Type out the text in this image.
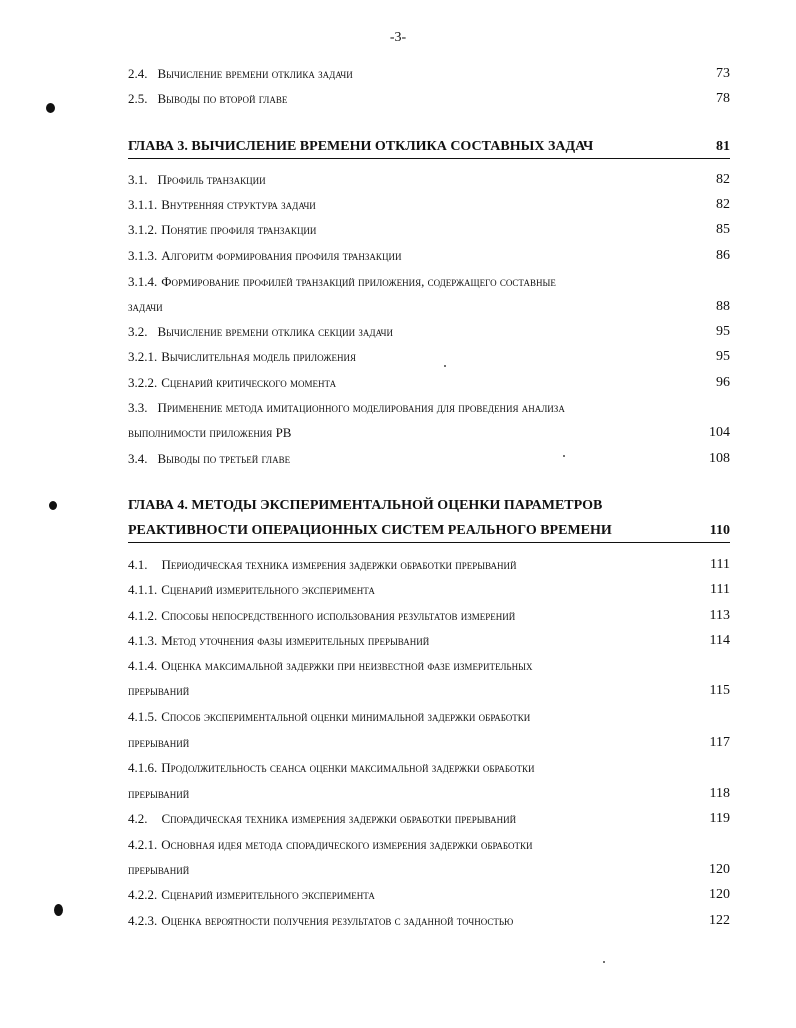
-3-
2.4. Вычисление времени отклика задачи	73
2.5. Выводы по второй главе	78
ГЛАВА 3. ВЫЧИСЛЕНИЕ ВРЕМЕНИ ОТКЛИКА СОСТАВНЫХ ЗАДАЧ	81
3.1. Профиль транзакции	82
3.1.1. Внутренняя структура задачи	82
3.1.2. Понятие профиля транзакции	85
3.1.3. Алгоритм формирования профиля транзакции	86
3.1.4. Формирование профилей транзакций приложения, содержащего составные
задачи	88
3.2. Вычисление времени отклика секции задачи	95
3.2.1. Вычислительная модель приложения	95
3.2.2. Сценарий критического момента	96
3.3. Применение метода имитационного моделирования для проведения анализа
выполнимости приложения РВ	104
3.4. Выводы по третьей главе	108
ГЛАВА 4. МЕТОДЫ ЭКСПЕРИМЕНТАЛЬНОЙ ОЦЕНКИ ПАРАМЕТРОВ
РЕАКТИВНОСТИ ОПЕРАЦИОННЫХ СИСТЕМ РЕАЛЬНОГО ВРЕМЕНИ	110
4.1. Периодическая техника измерения задержки обработки прерываний	111
4.1.1. Сценарий измерительного эксперимента	111
4.1.2. Способы непосредственного использования результатов измерений	113
4.1.3. Метод уточнения фазы измерительных прерываний	114
4.1.4. Оценка максимальной задержки при неизвестной фазе измерительных
прерываний	115
4.1.5. Способ экспериментальной оценки минимальной задержки обработки
прерываний	117
4.1.6. Продолжительность сеанса оценки максимальной задержки обработки
прерываний	118
4.2. Спорадическая техника измерения задержки обработки прерываний	119
4.2.1. Основная идея метода спорадического измерения задержки обработки
прерываний	120
4.2.2. Сценарий измерительного эксперимента	120
4.2.3. Оценка вероятности получения результатов с заданной точностью	122
